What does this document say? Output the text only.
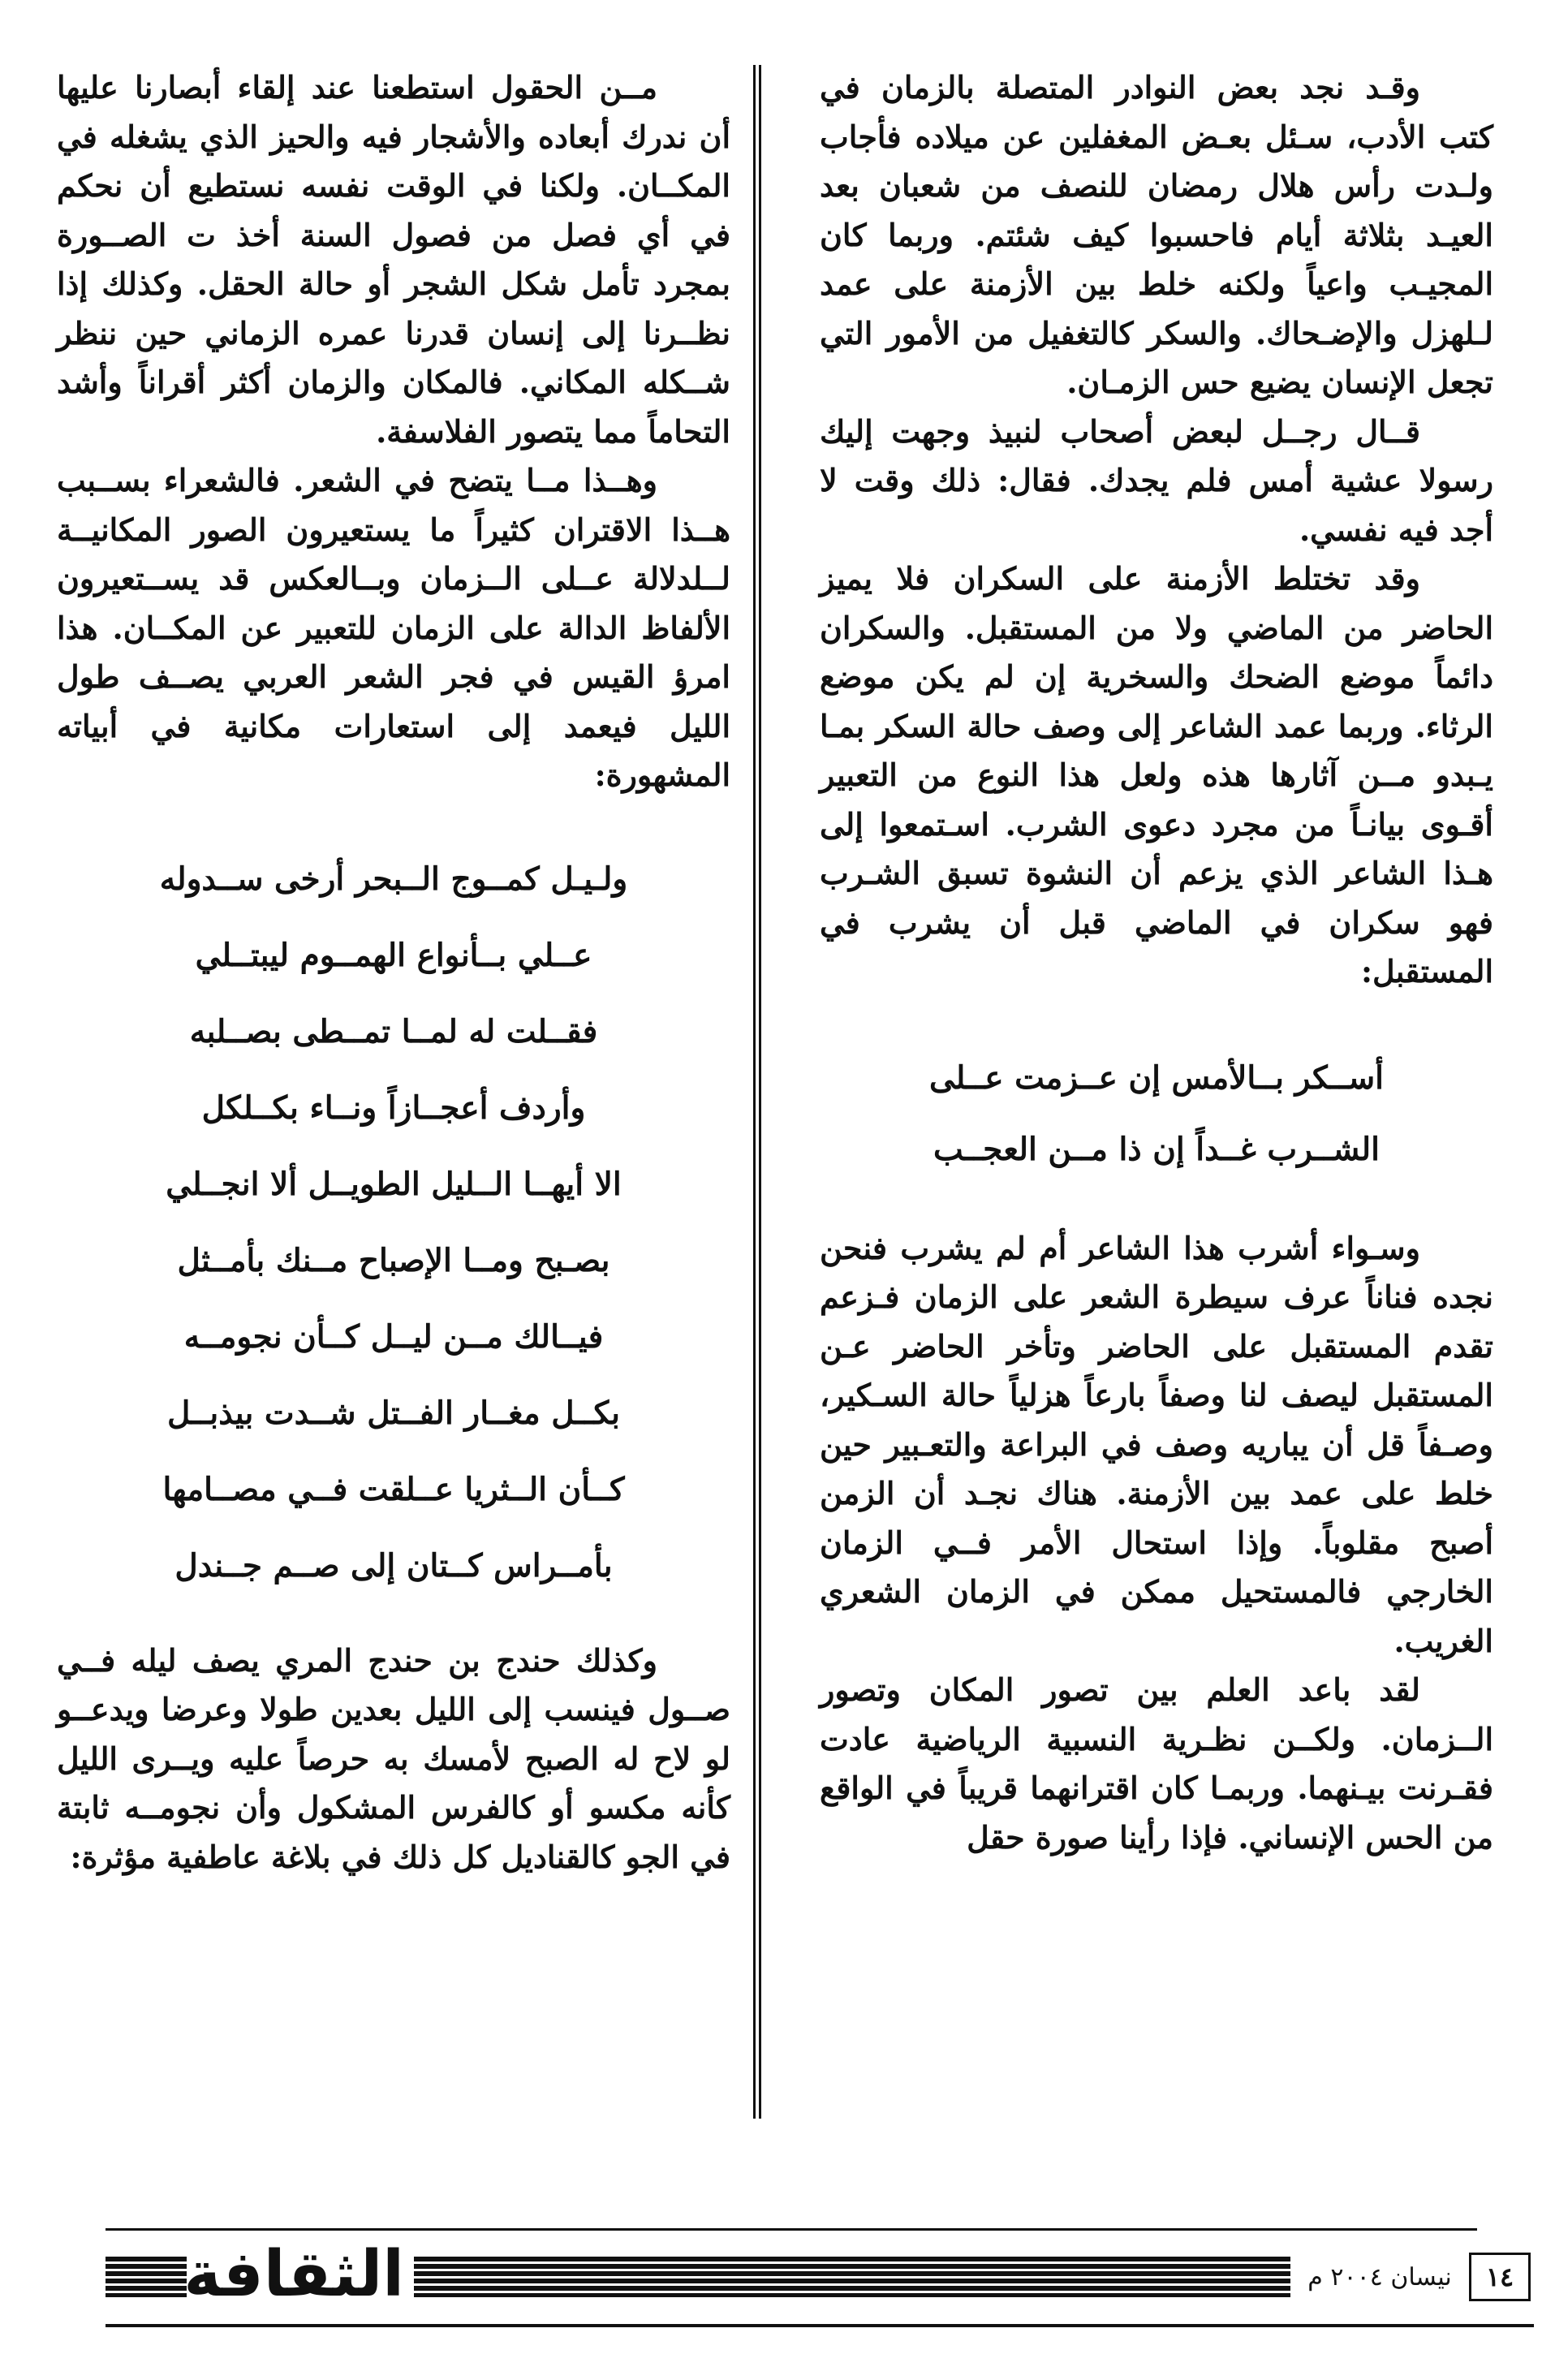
وقـد نجد بعض النوادر المتصلة بالزمان في كتب الأدب، سـئل بعـض المغفلين عن ميلاده فأجاب ولـدت رأس هلال رمضان للنصف من شعبان بعد العيـد بثلاثة أيام فاحسبوا كيف شئتم. وربما كان المجيـب واعياً ولكنه خلط بين الأزمنة على عمد لـلهزل والإضـحاك. والسكر كالتغفيل من الأمور التي تجعل الإنسان يضيع حس الزمـان.

قــال رجــل لبعض أصحاب لنبيذ وجهت إليك رسولا عشية أمس فلم يجدك. فقال: ذلك وقت لا أجد فيه نفسي.

وقد تختلط الأزمنة على السكران فلا يميز الحاضر من الماضي ولا من المستقبل. والسكران دائماً موضع الضحك والسخرية إن لم يكن موضع الرثاء. وربما عمد الشاعر إلى وصف حالة السكر بمـا يـبدو مــن آثارها هذه ولعل هذا النوع من التعبير أقـوى بيانـاً من مجرد دعوى الشرب. اسـتمعوا إلى هـذا الشاعر الذي يزعم أن النشوة تسبق الشـرب فهو سكران في الماضي قبل أن يشرب في المستقبل:

أســكر بــالأمس إن عــزمت عــلى

الشــرب غــداً إن ذا مــن العجــب

وسـواء أشرب هذا الشاعر أم لم يشرب فنحن نجده فناناً عرف سيطرة الشعر على الزمان فـزعم تقدم المستقبل على الحاضر وتأخر الحاضر عـن المستقبل ليصف لنا وصفاً بارعاً هزلياً حالة السـكير، وصـفاً قل أن يباريه وصف في البراعة والتعـبير حين خلط على عمد بين الأزمنة. هناك نجـد أن الزمن أصبح مقلوباً. وإذا استحال الأمر فــي الزمان الخارجي فالمستحيل ممكن في الزمان الشعري الغريب.

لقد باعد العلم بين تصور المكان وتصور الــزمان. ولكــن نظـرية النسبية الرياضية عادت فقـرنت بيـنهما. وربمـا كان اقترانهما قريباً في الواقع من الحس الإنساني. فإذا رأينا صورة حقل

مــن الحقول استطعنا عند إلقاء أبصارنا عليها أن ندرك أبعاده والأشجار فيه والحيز الذي يشغله في المكــان. ولكنا في الوقت نفسه نستطيع أن نحكم في أي فصل من فصول السنة أخذ ت الصــورة بمجرد تأمل شكل الشجر أو حالة الحقل. وكذلك إذا نظــرنا إلى إنسان قدرنا عمره الزماني حين ننظر شــكله المكاني. فالمكان والزمان أكثر أقراناً وأشد التحاماً مما يتصور الفلاسفة.

وهــذا مــا يتضح في الشعر. فالشعراء بســبب هــذا الاقتران كثيراً ما يستعيرون الصور المكانيــة لــلدلالة عــلى الــزمان وبــالعكس قد يســتعيرون الألفاظ الدالة على الزمان للتعبير عن المكــان. هذا امرؤ القيس في فجر الشعر العربي يصــف طول الليل فيعمد إلى استعارات مكانية في أبياته المشهورة:

ولـيـل كمــوج الــبحر أرخى ســدوله

عــلي بــأنواع الهمــوم ليبتــلي

فقــلت له لمــا تمــطى بصــلبه

وأردف أعجــازاً ونــاء بكــلكل

الا أيهــا الــليل الطويــل ألا انجــلي

بصـبح ومــا الإصباح مــنك بأمــثل

فيــالك مــن ليــل كــأن نجومــه

بكــل مغــار الفــتل شــدت بيذبــل

كــأن الــثريا عــلقت فــي مصــامها

بأمــراس كــتان إلى صــم جــندل

وكذلك حندج بن حندج المري يصف ليله فــي صــول فينسب إلى الليل بعدين طولا وعرضا ويدعــو لو لاح له الصبح لأمسك به حرصاً عليه ويــرى الليل كأنه مكسو أو كالفرس المشكول وأن نجومــه ثابتة في الجو كالقناديل كل ذلك في بلاغة عاطفية مؤثرة:

الثقافة	نيسان ٢٠٠٤ م	١٤
